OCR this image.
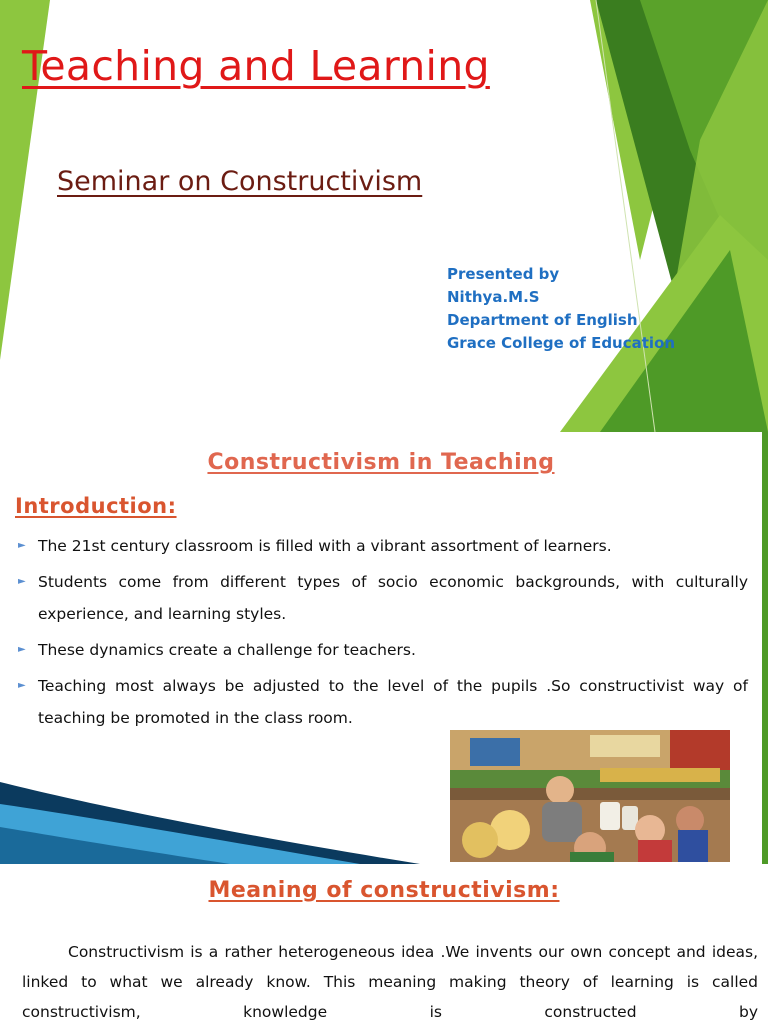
Teaching and Learning
Seminar on Constructivism
Presented by
Nithya.M.S
Department of English
Grace College of Education
Constructivism in Teaching
Introduction:
► The 21st century classroom is filled with a vibrant assortment of learners.
► Students come from different types of socio economic backgrounds, with culturally experience, and learning styles.
► These dynamics create a challenge for teachers.
► Teaching most always be adjusted to the level of the pupils .So constructivist way of teaching be promoted in the class room.
Meaning of constructivism:

Constructivism is a rather heterogeneous idea .We invents our own concept and ideas, linked to what we already know. This meaning making theory of learning is called constructivism, knowledge is constructed by
